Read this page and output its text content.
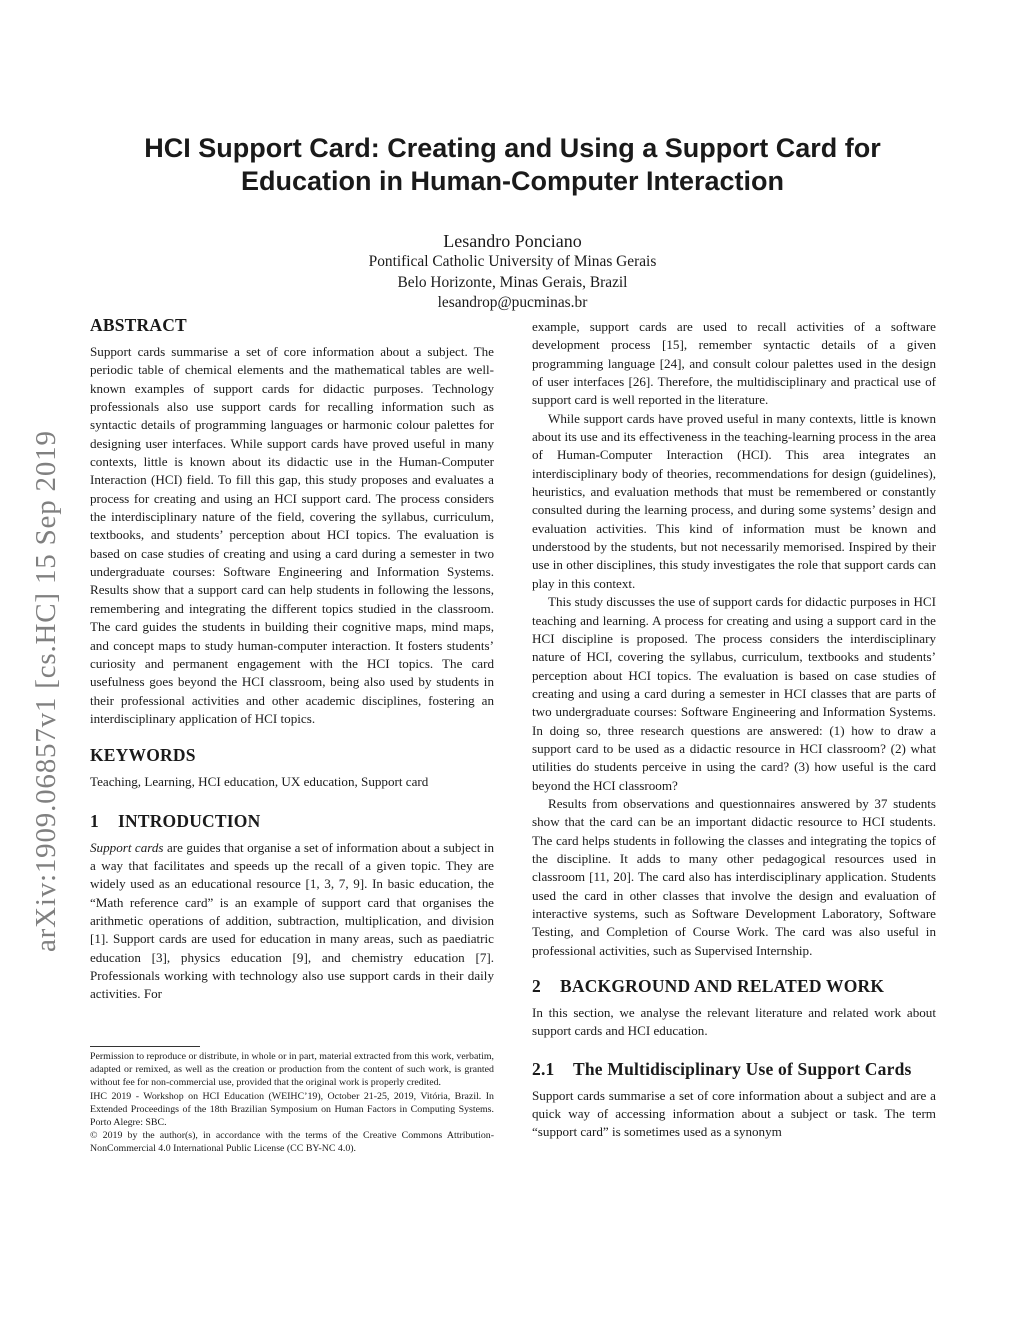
arXiv:1909.06857v1 [cs.HC] 15 Sep 2019
HCI Support Card: Creating and Using a Support Card for
Education in Human-Computer Interaction
Lesandro Ponciano
Pontifical Catholic University of Minas Gerais
Belo Horizonte, Minas Gerais, Brazil
lesandrop@pucminas.br
ABSTRACT

Support cards summarise a set of core information about a subject. The periodic table of chemical elements and the mathematical tables are well-known examples of support cards for didactic purposes. Technology professionals also use support cards for recalling information such as syntactic details of programming languages or harmonic colour palettes for designing user interfaces. While support cards have proved useful in many contexts, little is known about its didactic use in the Human-Computer Interaction (HCI) field. To fill this gap, this study proposes and evaluates a process for creating and using an HCI support card. The process considers the interdisciplinary nature of the field, covering the syllabus, curriculum, textbooks, and students’ perception about HCI topics. The evaluation is based on case studies of creating and using a card during a semester in two undergraduate courses: Software Engineering and Information Systems. Results show that a support card can help students in following the lessons, remembering and integrating the different topics studied in the classroom. The card guides the students in building their cognitive maps, mind maps, and concept maps to study human-computer interaction. It fosters students’ curiosity and permanent engagement with the HCI topics. The card usefulness goes beyond the HCI classroom, being also used by students in their professional activities and other academic disciplines, fostering an interdisciplinary application of HCI topics.

KEYWORDS

Teaching, Learning, HCI education, UX education, Support card

1 INTRODUCTION

Support cards are guides that organise a set of information about a subject in a way that facilitates and speeds up the recall of a given topic. They are widely used as an educational resource [1, 3, 7, 9]. In basic education, the “Math reference card” is an example of support card that organises the arithmetic operations of addition, subtraction, multiplication, and division [1]. Support cards are used for education in many areas, such as paediatric education [3], physics education [9], and chemistry education [7]. Professionals working with technology also use support cards in their daily activities. For

Permission to reproduce or distribute, in whole or in part, material extracted from this work, verbatim, adapted or remixed, as well as the creation or production from the content of such work, is granted without fee for non-commercial use, provided that the original work is properly credited.

IHC 2019 - Workshop on HCI Education (WEIHC’19), October 21-25, 2019, Vitória, Brazil. In Extended Proceedings of the 18th Brazilian Symposium on Human Factors in Computing Systems. Porto Alegre: SBC.

© 2019 by the author(s), in accordance with the terms of the Creative Commons Attribution-NonCommercial 4.0 International Public License (CC BY-NC 4.0).

example, support cards are used to recall activities of a software development process [15], remember syntactic details of a given programming language [24], and consult colour palettes used in the design of user interfaces [26]. Therefore, the multidisciplinary and practical use of support card is well reported in the literature.

While support cards have proved useful in many contexts, little is known about its use and its effectiveness in the teaching-learning process in the area of Human-Computer Interaction (HCI). This area integrates an interdisciplinary body of theories, recommendations for design (guidelines), heuristics, and evaluation methods that must be remembered or constantly consulted during the learning process, and during some systems’ design and evaluation activities. This kind of information must be known and understood by the students, but not necessarily memorised. Inspired by their use in other disciplines, this study investigates the role that support cards can play in this context.

This study discusses the use of support cards for didactic purposes in HCI teaching and learning. A process for creating and using a support card in the HCI discipline is proposed. The process considers the interdisciplinary nature of HCI, covering the syllabus, curriculum, textbooks and students’ perception about HCI topics. The evaluation is based on case studies of creating and using a card during a semester in HCI classes that are parts of two undergraduate courses: Software Engineering and Information Systems. In doing so, three research questions are answered: (1) how to draw a support card to be used as a didactic resource in HCI classroom? (2) what utilities do students perceive in using the card? (3) how useful is the card beyond the HCI classroom?

Results from observations and questionnaires answered by 37 students show that the card can be an important didactic resource to HCI students. The card helps students in following the classes and integrating the topics of the discipline. It adds to many other pedagogical resources used in classroom [11, 20]. The card also has interdisciplinary application. Students used the card in other classes that involve the design and evaluation of interactive systems, such as Software Development Laboratory, Software Testing, and Completion of Course Work. The card was also useful in professional activities, such as Supervised Internship.

2 BACKGROUND AND RELATED WORK

In this section, we analyse the relevant literature and related work about support cards and HCI education.

2.1 The Multidisciplinary Use of Support Cards

Support cards summarise a set of core information about a subject and are a quick way of accessing information about a subject or task. The term “support card” is sometimes used as a synonym
